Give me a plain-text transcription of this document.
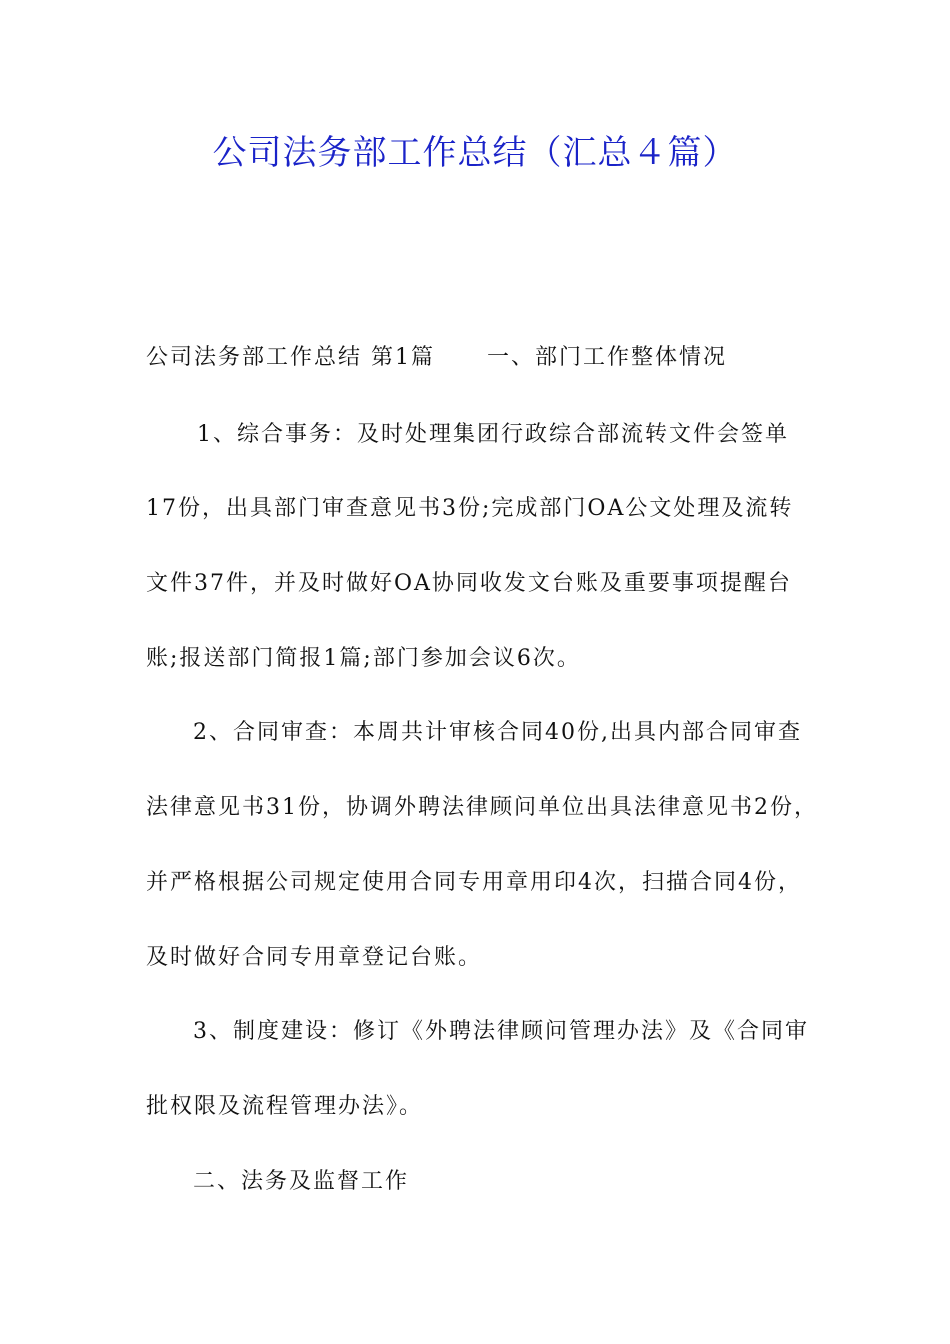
公司法务部工作总结（汇总４篇）
公司法务部工作总结 第1篇 一、部门工作整体情况
1、综合事务：及时处理集团行政综合部流转文件会签单
17份，出具部门审查意见书3份;完成部门OA公文处理及流转
文件37件，并及时做好OA协同收发文台账及重要事项提醒台
账;报送部门简报1篇;部门参加会议6次。
2、合同审查：本周共计审核合同40份,出具内部合同审查
法律意见书31份，协调外聘法律顾问单位出具法律意见书2份，
并严格根据公司规定使用合同专用章用印4次，扫描合同4份，
及时做好合同专用章登记台账。
3、制度建设：修订《外聘法律顾问管理办法》及《合同审
批权限及流程管理办法》。
二、法务及监督工作
